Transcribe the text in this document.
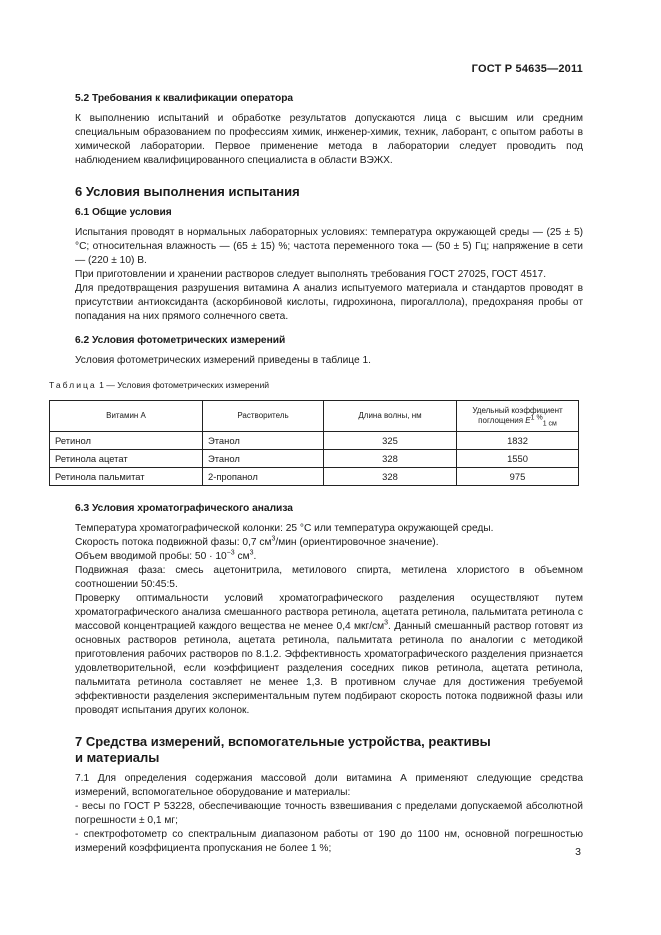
ГОСТ Р 54635—2011

5.2 Требования к квалификации оператора

К выполнению испытаний и обработке результатов допускаются лица с высшим или средним специальным образованием по профессиям химик, инженер-химик, техник, лаборант, с опытом работы в химической лаборатории. Первое применение метода в лаборатории следует проводить под наблюдением квалифицированного специалиста в области ВЭЖХ.

6 Условия выполнения испытания

6.1 Общие условия

Испытания проводят в нормальных лабораторных условиях: температура окружающей среды — (25 ± 5) °С; относительная влажность — (65 ± 15) %; частота переменного тока — (50 ± 5) Гц; напряжение в сети — (220 ± 10) В.

При приготовлении и хранении растворов следует выполнять требования ГОСТ 27025, ГОСТ 4517.

Для предотвращения разрушения витамина А анализ испытуемого материала и стандартов проводят в присутствии антиоксиданта (аскорбиновой кислоты, гидрохинона, пирогаллола), предохраняя пробы от попадания на них прямого солнечного света.

6.2 Условия фотометрических измерений

Условия фотометрических измерений приведены в таблице 1.

Таблица 1 — Условия фотометрических измерений

Витамин А	Растворитель	Длина волны, нм	Удельный коэффициент поглощения $E^{1 \%}_{1 см}$
Ретинол	Этанол	325	1832
Ретинола ацетат	Этанол	328	1550
Ретинола пальмитат	2-пропанол	328	975

6.3 Условия хроматографического анализа

Температура хроматографической колонки: 25 °С или температура окружающей среды.

Скорость потока подвижной фазы: 0,7 $см^3$/мин (ориентировочное значение).

Объем вводимой пробы: $50 \cdot 10^{-3}$ $см^3$.

Подвижная фаза: смесь ацетонитрила, метилового спирта, метилена хлористого в объемном соотношении 50:45:5.

Проверку оптимальности условий хроматографического разделения осуществляют путем хроматографического анализа смешанного раствора ретинола, ацетата ретинола, пальмитата ретинола с массовой концентрацией каждого вещества не менее 0,4 мкг/$см^3$. Данный смешанный раствор готовят из основных растворов ретинола, ацетата ретинола, пальмитата ретинола по аналогии с методикой приготовления рабочих растворов по 8.1.2. Эффективность хроматографического разделения признается удовлетворительной, если коэффициент разделения соседних пиков ретинола, ацетата ретинола, пальмитата ретинола составляет не менее 1,3. В противном случае для достижения требуемой эффективности разделения экспериментальным путем подбирают скорость потока подвижной фазы или проводят испытания других колонок.

7 Средства измерений, вспомогательные устройства, реактивы

и материалы

7.1 Для определения содержания массовой доли витамина А применяют следующие средства измерений, вспомогательное оборудование и материалы:

- весы по ГОСТ Р 53228, обеспечивающие точность взвешивания с пределами допускаемой абсолютной погрешности ± 0,1 мг;

- спектрофотометр со спектральным диапазоном работы от 190 до 1100 нм, основной погрешностью измерений коэффициента пропускания не более 1 %;	3
